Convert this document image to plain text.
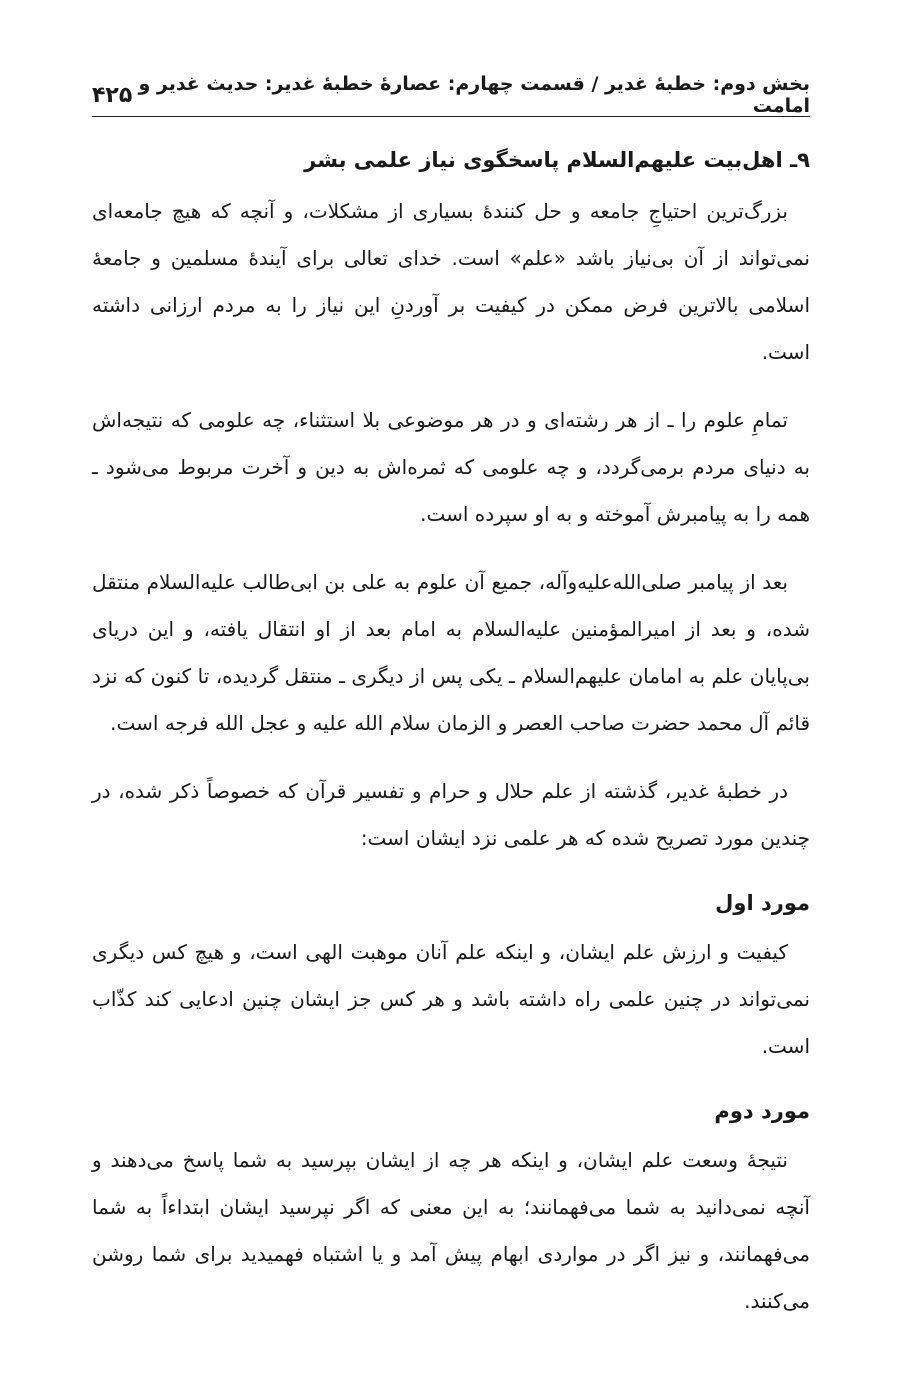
بخش دوم: خطبهٔ غدیر / قسمت چهارم: عصارهٔ خطبهٔ غدیر: حدیث غدیر و امامت
۴۲۵
۹ـ اهل‌بیت علیهم‌السلام پاسخگوی نیاز علمی بشر

بزرگ‌ترین احتیاجِ جامعه و حل کنندهٔ بسیاری از مشکلات، و آنچه که هیچ جامعه‌ای نمی‌تواند از آن بی‌نیاز باشد «علم» است. خدای تعالی برای آیندهٔ مسلمین و جامعهٔ اسلامی بالاترین فرض ممکن در کیفیت بر آوردنِ این نیاز را به مردم ارزانی داشته است.

تمامِ علوم را ـ از هر رشته‌ای و در هر موضوعی بلا استثناء، چه علومی که نتیجه‌اش به دنیای مردم برمی‌گردد، و چه علومی که ثمره‌اش به دین و آخرت مربوط می‌شود ـ همه را به پیامبرش آموخته و به او سپرده است.

بعد از پیامبر صلی‌الله‌علیه‌وآله، جمیع آن علوم به علی بن ابی‌طالب علیه‌السلام منتقل شده، و بعد از امیرالمؤمنین علیه‌السلام به امام بعد از او انتقال یافته، و این دریای بی‌پایان علم به امامان علیهم‌السلام ـ یکی پس از دیگری ـ منتقل گردیده، تا کنون که نزد قائم آل محمد حضرت صاحب العصر و الزمان سلام الله علیه و عجل الله فرجه است.

در خطبهٔ غدیر، گذشته از علم حلال و حرام و تفسیر قرآن که خصوصاً ذکر شده، در چندین مورد تصریح شده که هر علمی نزد ایشان است:

مورد اول

کیفیت و ارزش علم ایشان، و اینکه علم آنان موهبت الهی است، و هیچ کس دیگری نمی‌تواند در چنین علمی راه داشته باشد و هر کس جز ایشان چنین ادعایی کند کذّاب است.

مورد دوم

نتیجهٔ وسعت علم ایشان، و اینکه هر چه از ایشان بپرسید به شما پاسخ می‌دهند و آنچه نمی‌دانید به شما می‌فهمانند؛ به این معنی که اگر نپرسید ایشان ابتداءاً به شما می‌فهمانند، و نیز اگر در مواردی ابهام پیش آمد و یا اشتباه فهمیدید برای شما روشن می‌کنند.
